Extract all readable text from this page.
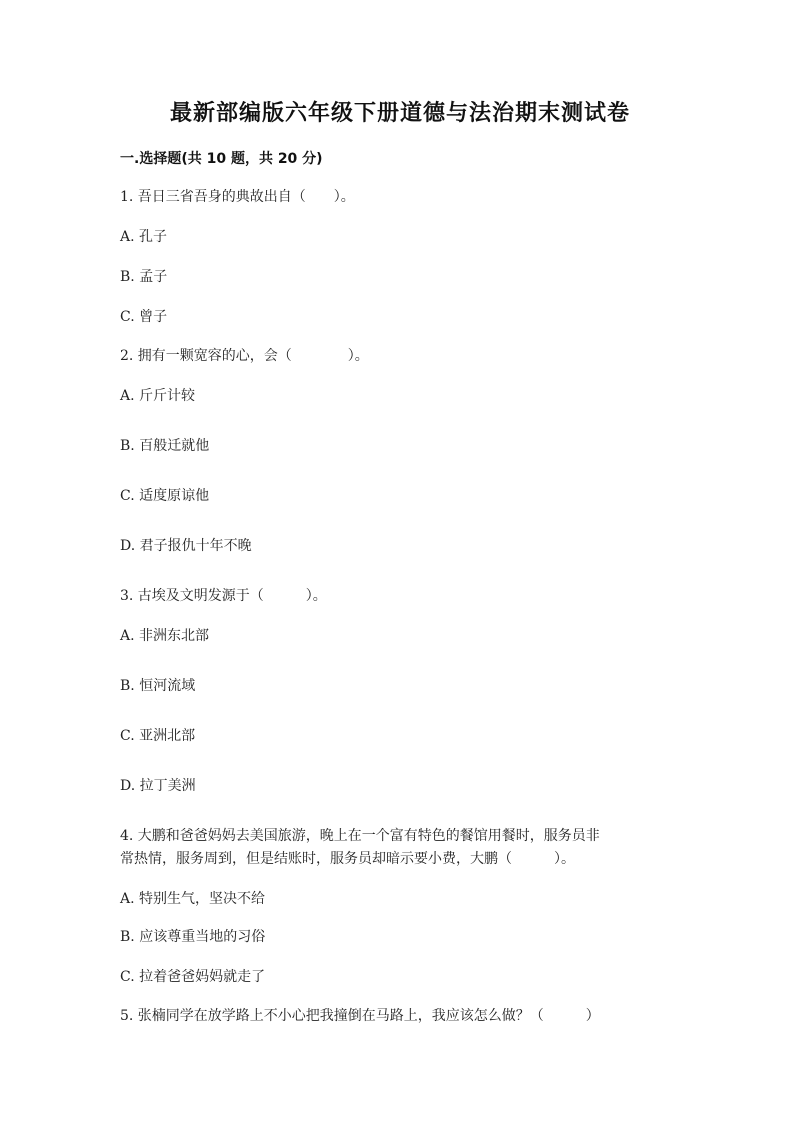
最新部编版六年级下册道德与法治期末测试卷
一.选择题(共 10 题，共 20 分)
1. 吾日三省吾身的典故出自（　　）。
A. 孔子
B. 孟子
C. 曾子
2. 拥有一颗宽容的心，会（　　　　）。
A. 斤斤计较
B. 百般迁就他
C. 适度原谅他
D. 君子报仇十年不晚
3. 古埃及文明发源于（　　　）。
A. 非洲东北部
B. 恒河流域
C. 亚洲北部
D. 拉丁美洲
4. 大鹏和爸爸妈妈去美国旅游，晚上在一个富有特色的餐馆用餐时，服务员非
常热情，服务周到，但是结账时，服务员却暗示要小费，大鹏（　　　）。
A. 特别生气，坚决不给
B. 应该尊重当地的习俗
C. 拉着爸爸妈妈就走了
5. 张楠同学在放学路上不小心把我撞倒在马路上，我应该怎么做？（　　　）
